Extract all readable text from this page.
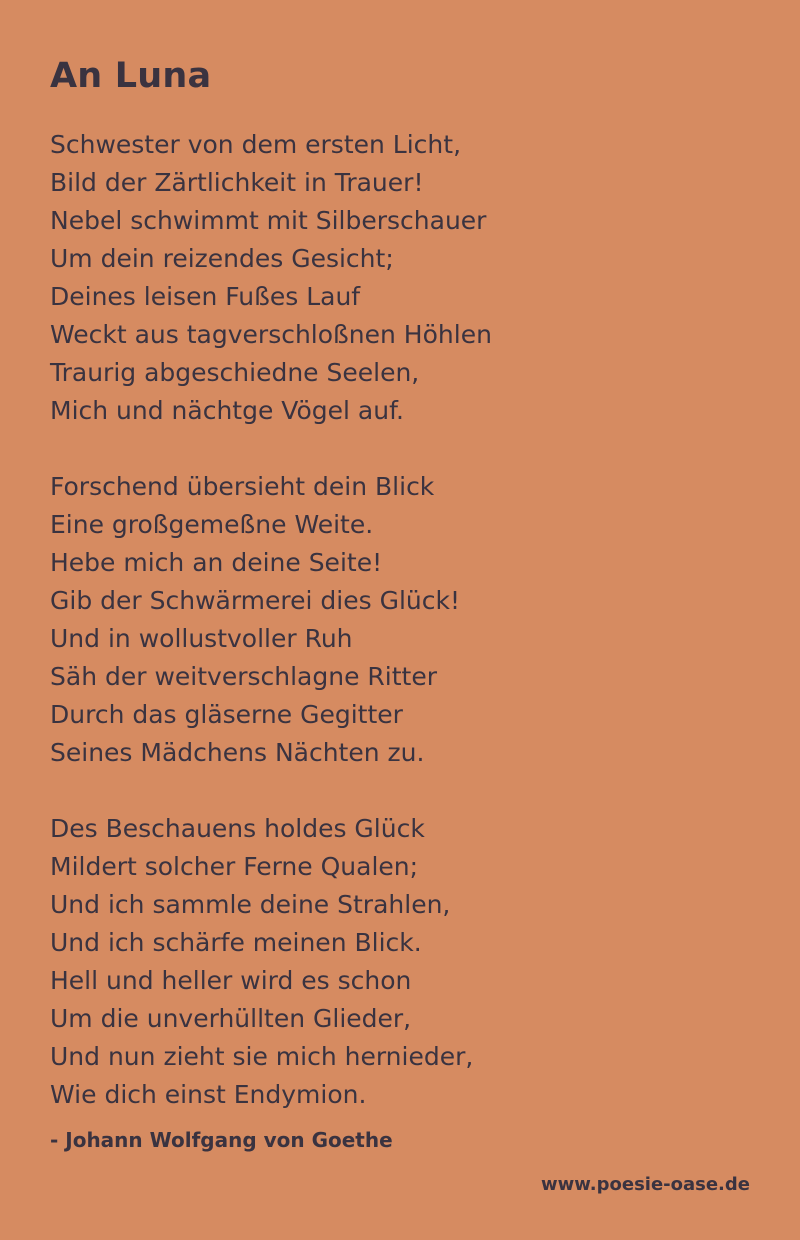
An Luna
Schwester von dem ersten Licht,
Bild der Zärtlichkeit in Trauer!
Nebel schwimmt mit Silberschauer
Um dein reizendes Gesicht;
Deines leisen Fußes Lauf
Weckt aus tagverschloßnen Höhlen
Traurig abgeschiedne Seelen,
Mich und nächtge Vögel auf.
Forschend übersieht dein Blick
Eine großgemeßne Weite.
Hebe mich an deine Seite!
Gib der Schwärmerei dies Glück!
Und in wollustvoller Ruh
Säh der weitverschlagne Ritter
Durch das gläserne Gegitter
Seines Mädchens Nächten zu.
Des Beschauens holdes Glück
Mildert solcher Ferne Qualen;
Und ich sammle deine Strahlen,
Und ich schärfe meinen Blick.
Hell und heller wird es schon
Um die unverhüllten Glieder,
Und nun zieht sie mich hernieder,
Wie dich einst Endymion.
- Johann Wolfgang von Goethe
www.poesie-oase.de
